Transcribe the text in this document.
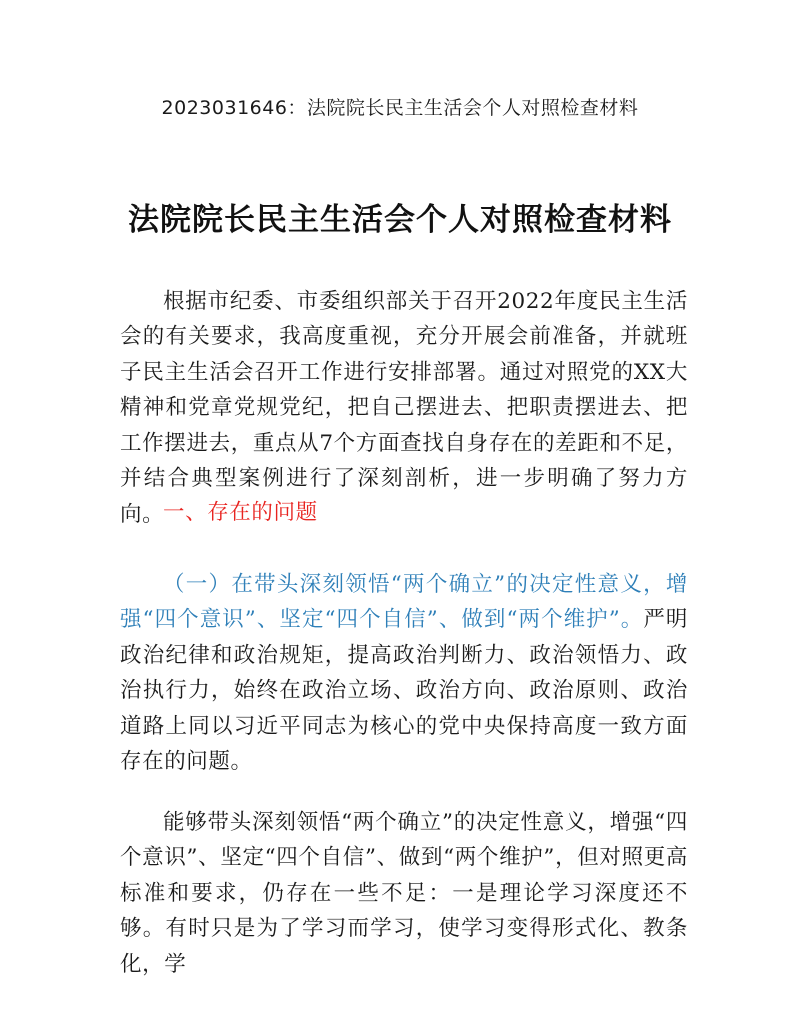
2023031646：法院院长民主生活会个人对照检查材料
法院院长民主生活会个人对照检查材料

根据市纪委、市委组织部关于召开2022年度民主生活会的有关要求，我高度重视，充分开展会前准备，并就班子民主生活会召开工作进行安排部署。通过对照党的XX大精神和党章党规党纪，把自己摆进去、把职责摆进去、把工作摆进去，重点从7个方面查找自身存在的差距和不足，并结合典型案例进行了深刻剖析，进一步明确了努力方向。

一、存在的问题

（一）在带头深刻领悟“两个确立”的决定性意义，增强“四个意识”、坚定“四个自信”、做到“两个维护”。严明政治纪律和政治规矩，提高政治判断力、政治领悟力、政治执行力，始终在政治立场、政治方向、政治原则、政治道路上同以习近平同志为核心的党中央保持高度一致方面存在的问题。

能够带头深刻领悟“两个确立”的决定性意义，增强“四个意识”、坚定“四个自信”、做到“两个维护”，但对照更高标准和要求，仍存在一些不足：一是理论学习深度还不够。有时只是为了学习而学习，使学习变得形式化、教条化，学
